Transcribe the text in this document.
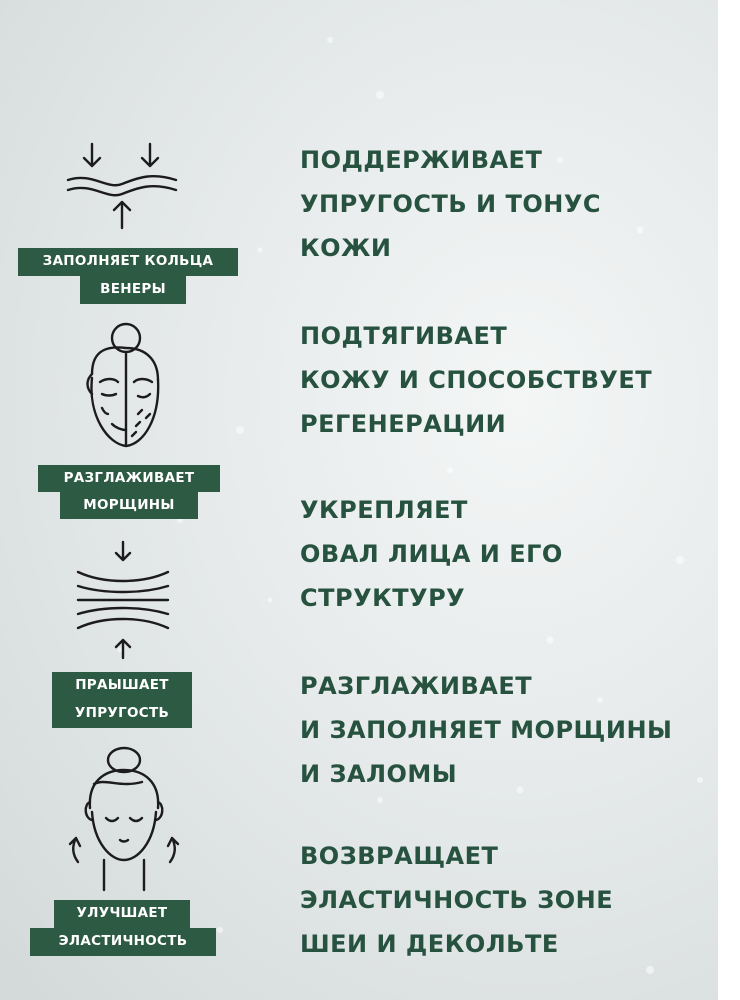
ЗАПОЛНЯЕТ КОЛЬЦА
ВЕНЕРЫ
ПОДДЕРЖИВАЕТ
УПРУГОСТЬ И ТОНУС
КОЖИ
РАЗГЛАЖИВАЕТ
МОРЩИНЫ
ПОДТЯГИВАЕТ
КОЖУ И СПОСОБСТВУЕТ
РЕГЕНЕРАЦИИ
ПРAЫШАЕТ
УПРУГОСТЬ
УКРЕПЛЯЕТ
ОВАЛ ЛИЦА И ЕГО
СТРУКТУРУ
УЛУЧШАЕТ
ЭЛАСТИЧНОСТЬ
РАЗГЛАЖИВАЕТ
И ЗАПОЛНЯЕТ МОРЩИНЫ
И ЗАЛОМЫ
ВОЗВРАЩАЕТ
ЭЛАСТИЧНОСТЬ ЗОНЕ
ШЕИ И ДЕКОЛЬТЕ
